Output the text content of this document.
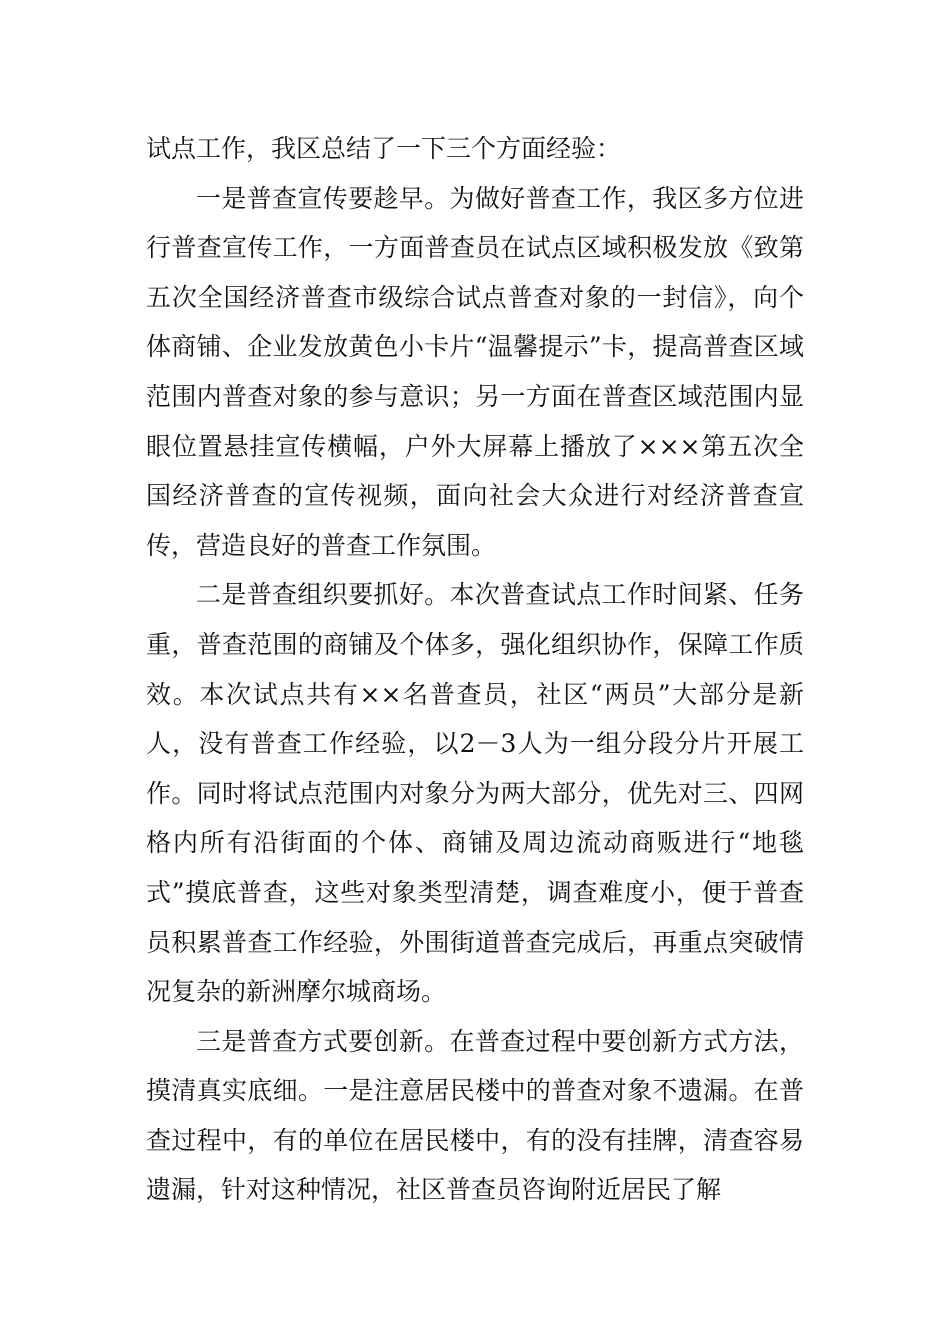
试点工作，我区总结了一下三个方面经验：

一是普查宣传要趁早。为做好普查工作，我区多方位进行普查宣传工作，一方面普查员在试点区域积极发放《致第五次全国经济普查市级综合试点普查对象的一封信》，向个体商铺、企业发放黄色小卡片“温馨提示”卡，提高普查区域范围内普查对象的参与意识；另一方面在普查区域范围内显眼位置悬挂宣传横幅，户外大屏幕上播放了×××第五次全国经济普查的宣传视频，面向社会大众进行对经济普查宣传，营造良好的普查工作氛围。

二是普查组织要抓好。本次普查试点工作时间紧、任务重，普查范围的商铺及个体多，强化组织协作，保障工作质效。本次试点共有××名普查员，社区“两员”大部分是新人，没有普查工作经验，以2－3人为一组分段分片开展工作。同时将试点范围内对象分为两大部分，优先对三、四网格内所有沿街面的个体、商铺及周边流动商贩进行“地毯式”摸底普查，这些对象类型清楚，调查难度小，便于普查员积累普查工作经验，外围街道普查完成后，再重点突破情况复杂的新洲摩尔城商场。

三是普查方式要创新。在普查过程中要创新方式方法，摸清真实底细。一是注意居民楼中的普查对象不遗漏。在普查过程中，有的单位在居民楼中，有的没有挂牌，清查容易遗漏，针对这种情况，社区普查员咨询附近居民了解
